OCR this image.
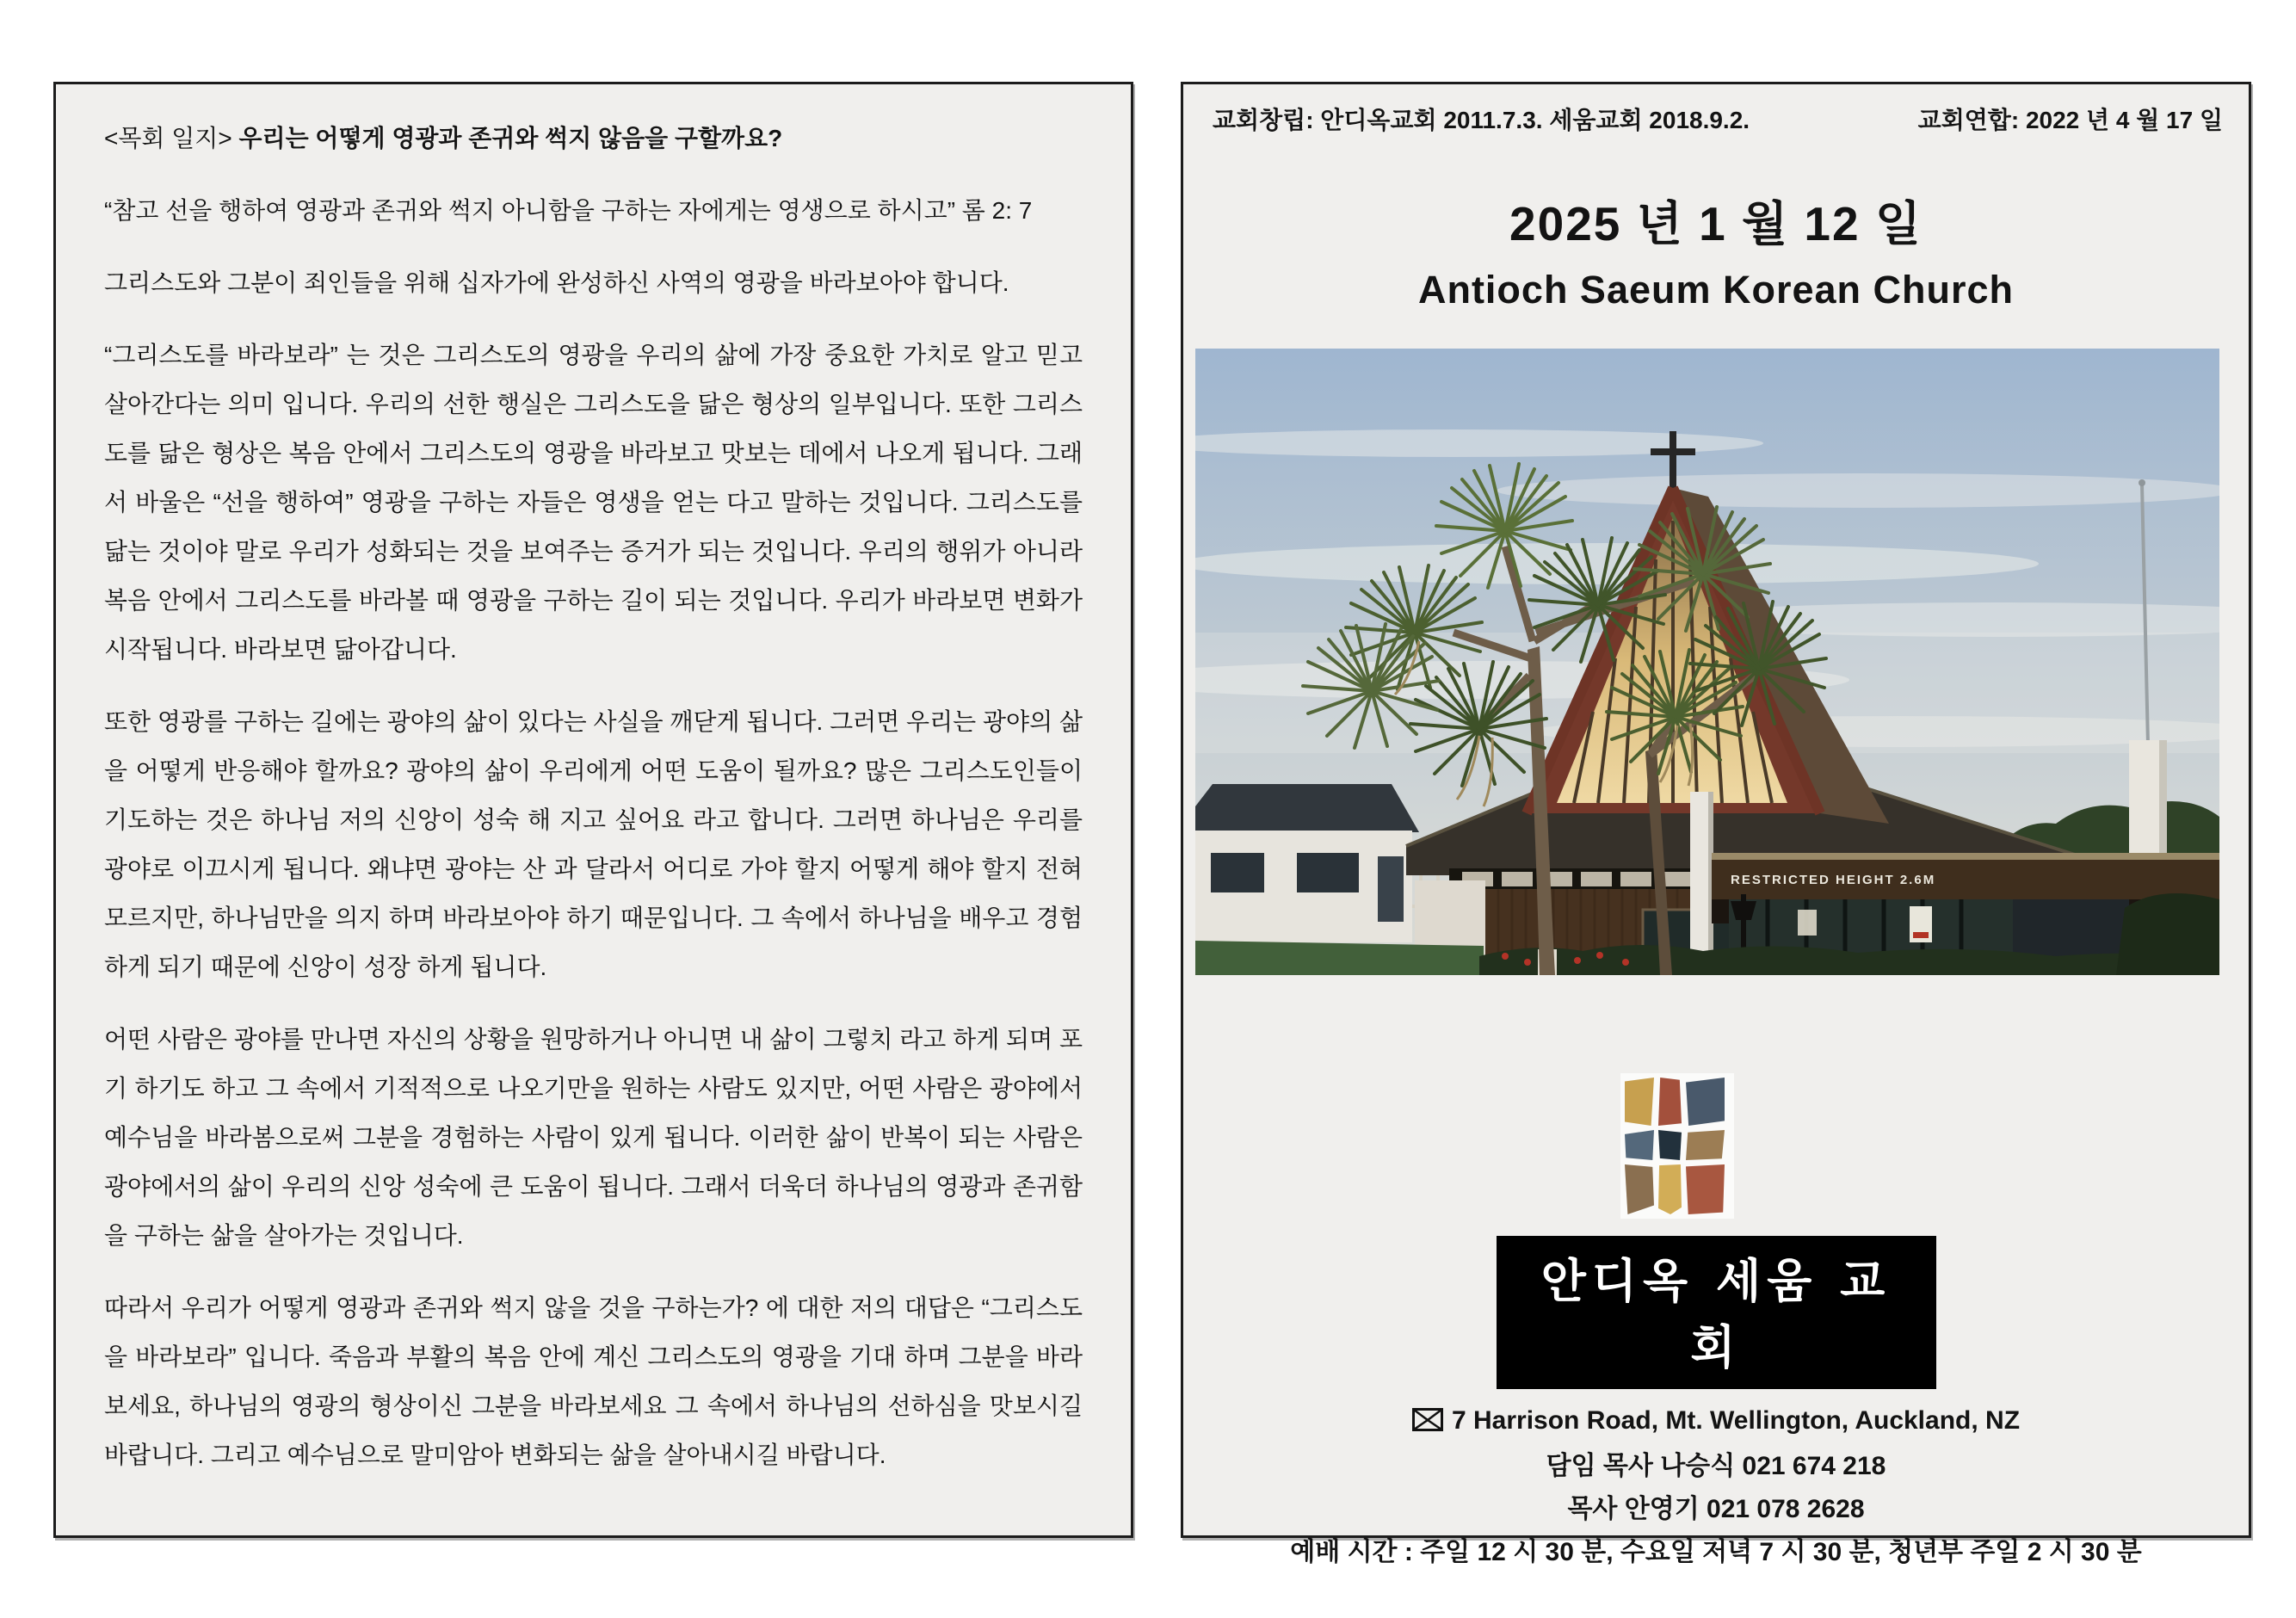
<목회 일지> 우리는 어떻게 영광과 존귀와 썩지 않음을 구할까요?

“참고 선을 행하여 영광과 존귀와 썩지 아니함을 구하는 자에게는 영생으로 하시고” 롬 2: 7

그리스도와 그분이 죄인들을 위해 십자가에 완성하신 사역의 영광을 바라보아야 합니다.

“그리스도를 바라보라” 는 것은 그리스도의 영광을 우리의 삶에 가장 중요한 가치로 알고 믿고 살아간다는 의미 입니다. 우리의 선한 행실은 그리스도을 닮은 형상의 일부입니다. 또한 그리스도를 닮은 형상은 복음 안에서 그리스도의 영광을 바라보고 맛보는 데에서 나오게 됩니다. 그래서 바울은 “선을 행하여” 영광을 구하는 자들은 영생을 얻는 다고 말하는 것입니다. 그리스도를 닮는 것이야 말로 우리가 성화되는 것을 보여주는 증거가 되는 것입니다. 우리의 행위가 아니라 복음 안에서 그리스도를 바라볼 때 영광을 구하는 길이 되는 것입니다. 우리가 바라보면 변화가 시작됩니다. 바라보면 닮아갑니다.

또한 영광를 구하는 길에는 광야의 삶이 있다는 사실을 깨닫게 됩니다. 그러면 우리는 광야의 삶을 어떻게 반응해야 할까요? 광야의 삶이 우리에게 어떤 도움이 될까요? 많은 그리스도인들이 기도하는 것은 하나님 저의 신앙이 성숙 해 지고 싶어요 라고 합니다. 그러면 하나님은 우리를 광야로 이끄시게 됩니다. 왜냐면 광야는 산 과 달라서 어디로 가야 할지 어떻게 해야 할지 전혀 모르지만, 하나님만을 의지 하며 바라보아야 하기 때문입니다. 그 속에서 하나님을 배우고 경험 하게 되기 때문에 신앙이 성장 하게 됩니다.

어떤 사람은 광야를 만나면 자신의 상황을 원망하거나 아니면 내 삶이 그렇치 라고 하게 되며 포기 하기도 하고 그 속에서 기적적으로 나오기만을 원하는 사람도 있지만, 어떤 사람은 광야에서 예수님을 바라봄으로써 그분을 경험하는 사람이 있게 됩니다. 이러한 삶이 반복이 되는 사람은 광야에서의 삶이 우리의 신앙 성숙에 큰 도움이 됩니다. 그래서 더욱더 하나님의 영광과 존귀함을 구하는 삶을 살아가는 것입니다.

따라서 우리가 어떻게 영광과 존귀와 썩지 않을 것을 구하는가? 에 대한 저의 대답은 “그리스도을 바라보라” 입니다. 죽음과 부활의 복음 안에 계신 그리스도의 영광을 기대 하며 그분을 바라보세요, 하나님의 영광의 형상이신 그분을 바라보세요 그 속에서 하나님의 선하심을 맛보시길 바랍니다. 그리고 예수님으로 말미암아 변화되는 삶을 살아내시길 바랍니다.

교회창립: 안디옥교회 2011.7.3. 세움교회 2018.9.2.	교회연합: 2022 년 4 월 17 일
2025 년 1 월 12 일
Antioch Saeum Korean Church
RESTRICTED HEIGHT 2.6M
안디옥 세움 교회
7 Harrison Road, Mt. Wellington, Auckland, NZ
담임 목사 나승식 021 674 218
목사 안영기 021 078 2628
예배 시간 : 주일 12 시 30 분, 수요일 저녁 7 시 30 분, 청년부 주일 2 시 30 분
